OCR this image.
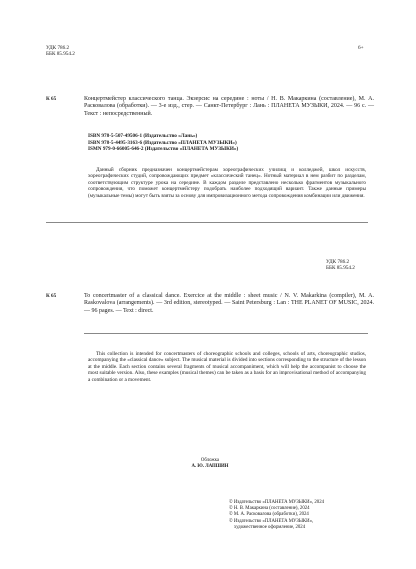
УДК 786.2
ББК 85.954.2
6+
К 65	Концертмейстер классического танца. Экзерсис на середине : ноты / Н. В. Макаркина (составление), М. А. Расковалова (обработки). — 3-е изд., стер. — Санкт-Петербург : Лань : ПЛАНЕТА МУЗЫКИ, 2024. — 96 с. — Текст : непосредственный.
ISBN 978-5-507-49506-1 (Издательство «Лань»)
ISBN 978-5-4495-3163-6 (Издательство «ПЛАНЕТА МУЗЫКИ»)
ISMN 979-0-66005-646-2 (Издательство «ПЛАНЕТА МУЗЫКИ»)
Данный сборник предназначен концертмейстерам хореографических училищ и колледжей, школ искусств, хореографических студий, сопровождающих предмет «классический танец». Нотный материал в нем разбит по разделам, соответствующим структуре урока на середине. В каждом разделе представлено несколько фрагментов музыкального сопровождения, что поможет концертмейстеру подобрать наиболее подходящий вариант. Также данные примеры (музыкальные темы) могут быть взяты за основу для импровизационного метода сопровождения комбинации или движения.
УДК 786.2
ББК 85.954.2
К 65	To concertmaster of a classical dance. Exercice at the middle : sheet music / N. V. Makarkina (compiler), M. A. Raskovalova (arrangements). — 3rd edition, stereotyped. — Saint Petersburg : Lan : THE PLANET OF MUSIC, 2024. — 96 pages. — Text : direct.
This collection is intended for concertmasters of choreographic schools and colleges, schools of arts, choreographic studios, accompanying the «classical dance» subject. The musical material is divided into sections corresponding to the structure of the lesson at the middle. Each section contains several fragments of musical accompaniment, which will help the accompanist to choose the most suitable version. Also, these examples (musical themes) can be taken as a basis for an improvisational method of accompanying a combination or a movement.
Обложка
А. Ю. ЛАПШИН
© Издательство «ПЛАНЕТА МУЗЫКИ», 2024
© Н. В. Макаркина (составление), 2024
© М. А. Расковалова (обработки), 2024
© Издательство «ПЛАНЕТА МУЗЫКИ»,
художественное оформление, 2024
